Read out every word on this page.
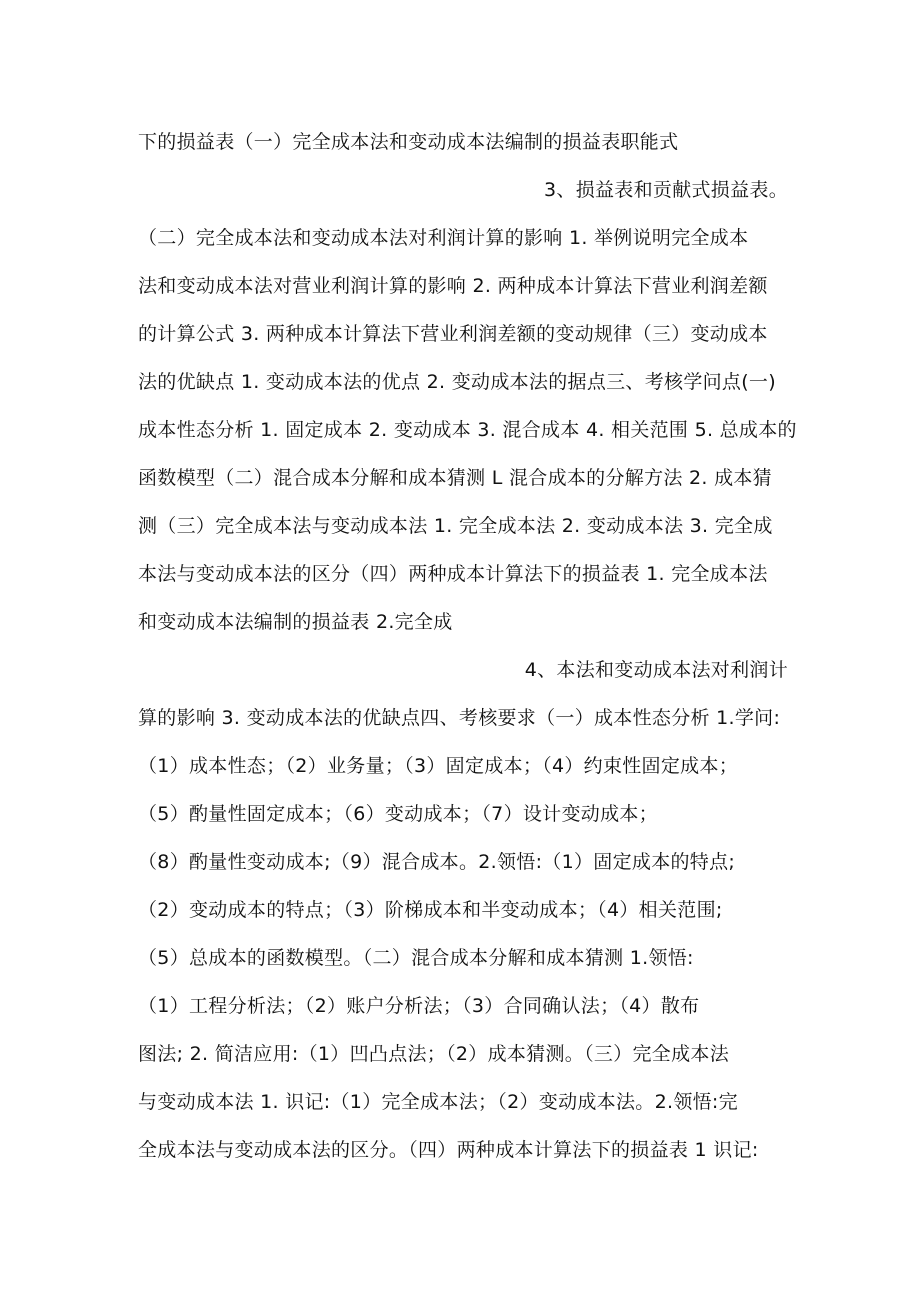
下的损益表（一）完全成本法和变动成本法编制的损益表职能式
3、损益表和贡献式损益表。
（二）完全成本法和变动成本法对利润计算的影响 1. 举例说明完全成本
法和变动成本法对营业利润计算的影响 2. 两种成本计算法下营业利润差额
的计算公式 3. 两种成本计算法下营业利润差额的变动规律（三）变动成本
法的优缺点 1. 变动成本法的优点 2. 变动成本法的据点三、考核学问点(一)
成本性态分析 1. 固定成本 2. 变动成本 3. 混合成本 4. 相关范围 5. 总成本的
函数模型（二）混合成本分解和成本猜测 L 混合成本的分解方法 2. 成本猜
测（三）完全成本法与变动成本法 1. 完全成本法 2. 变动成本法 3. 完全成
本法与变动成本法的区分（四）两种成本计算法下的损益表 1. 完全成本法
和变动成本法编制的损益表 2.完全成
4、本法和变动成本法对利润计
算的影响 3. 变动成本法的优缺点四、考核要求（一）成本性态分析 1.学问:
（1）成本性态；（2）业务量；（3）固定成本；（4）约束性固定成本；
（5）酌量性固定成本；（6）变动成本；（7）设计变动成本；
（8）酌量性变动成本;（9）混合成本。2.领悟:（1）固定成本的特点;
（2）变动成本的特点；（3）阶梯成本和半变动成本；（4）相关范围;
（5）总成本的函数模型。（二）混合成本分解和成本猜测 1.领悟:
（1）工程分析法；（2）账户分析法；（3）合同确认法；（4）散布
图法; 2. 简洁应用:（1）凹凸点法；（2）成本猜测。（三）完全成本法
与变动成本法 1. 识记:（1）完全成本法；（2）变动成本法。2.领悟:完
全成本法与变动成本法的区分。（四）两种成本计算法下的损益表 1 识记:
